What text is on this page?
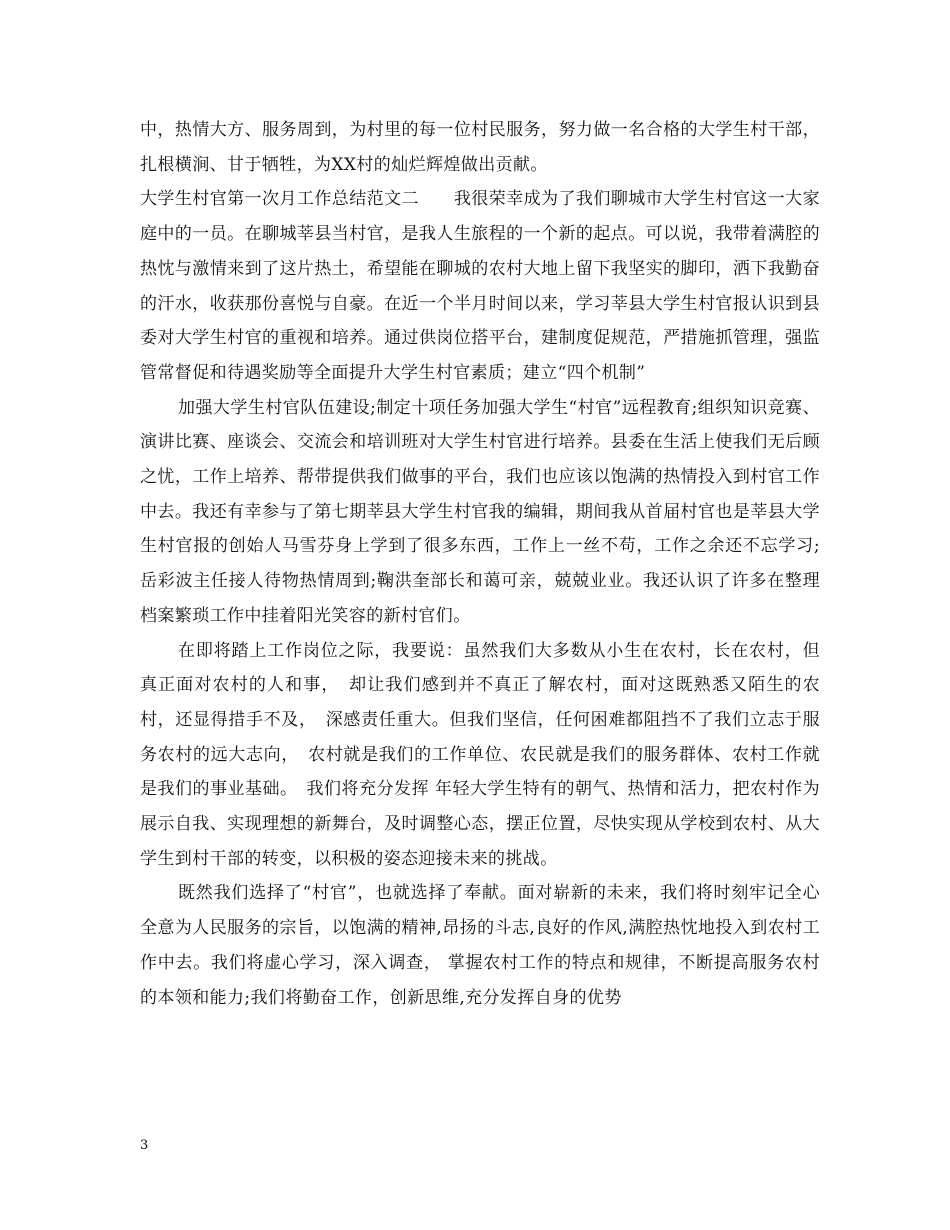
中，热情大方、服务周到，为村里的每一位村民服务，努力做一名合格的大学生村干部，扎根横涧、甘于牺牲，为XX村的灿烂辉煌做出贡献。

大学生村官第一次月工作总结范文二　　我很荣幸成为了我们聊城市大学生村官这一大家庭中的一员。在聊城莘县当村官，是我人生旅程的一个新的起点。可以说，我带着满腔的热忱与激情来到了这片热土，希望能在聊城的农村大地上留下我坚实的脚印，洒下我勤奋的汗水，收获那份喜悦与自豪。在近一个半月时间以来，学习莘县大学生村官报认识到县委对大学生村官的重视和培养。通过供岗位搭平台，建制度促规范，严措施抓管理，强监管常督促和待遇奖励等全面提升大学生村官素质；建立“四个机制”

加强大学生村官队伍建设;制定十项任务加强大学生“村官”远程教育;组织知识竞赛、演讲比赛、座谈会、交流会和培训班对大学生村官进行培养。县委在生活上使我们无后顾之忧，工作上培养、帮带提供我们做事的平台，我们也应该以饱满的热情投入到村官工作中去。我还有幸参与了第七期莘县大学生村官我的编辑，期间我从首届村官也是莘县大学生村官报的创始人马雪芬身上学到了很多东西，工作上一丝不苟，工作之余还不忘学习;岳彩波主任接人待物热情周到;鞠洪奎部长和蔼可亲，兢兢业业。我还认识了许多在整理档案繁琐工作中挂着阳光笑容的新村官们。

在即将踏上工作岗位之际，我要说：虽然我们大多数从小生在农村，长在农村，但真正面对农村的人和事，　却让我们感到并不真正了解农村，面对这既熟悉又陌生的农村，还显得措手不及，　深感责任重大。但我们坚信，任何困难都阻挡不了我们立志于服务农村的远大志向，　农村就是我们的工作单位、农民就是我们的服务群体、农村工作就是我们的事业基础。　我们将充分发挥 年轻大学生特有的朝气、热情和活力，把农村作为展示自我、实现理想的新舞台，及时调整心态，摆正位置，尽快实现从学校到农村、从大学生到村干部的转变，以积极的姿态迎接未来的挑战。

既然我们选择了“村官”，也就选择了奉献。面对崭新的未来，我们将时刻牢记全心全意为人民服务的宗旨，以饱满的精神,昂扬的斗志,良好的作风,满腔热忱地投入到农村工作中去。我们将虚心学习，深入调查， 掌握农村工作的特点和规律，不断提高服务农村的本领和能力;我们将勤奋工作，创新思维,充分发挥自身的优势

3
